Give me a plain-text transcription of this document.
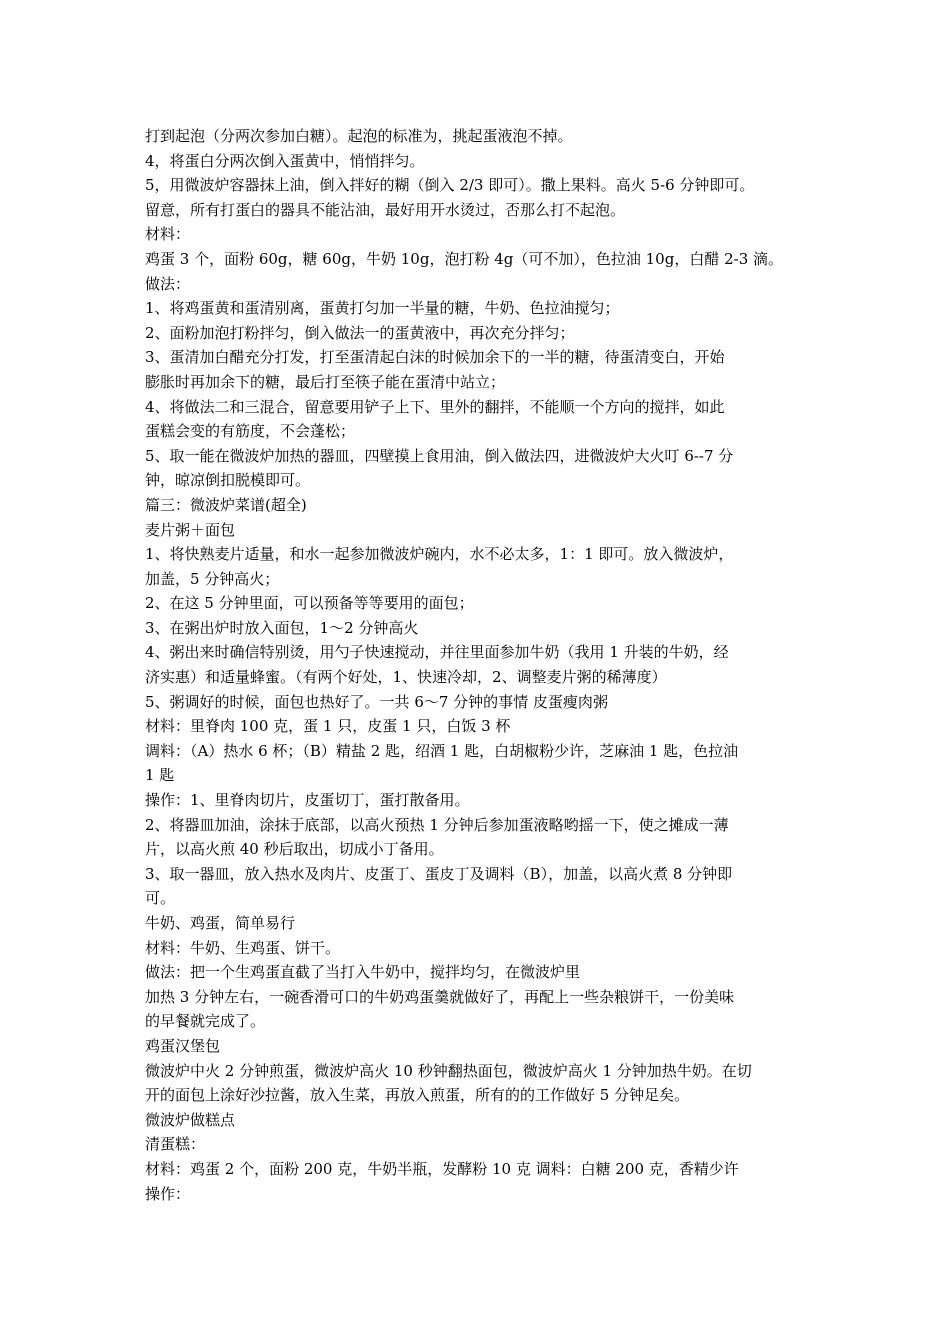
打到起泡（分两次参加白糖）。起泡的标准为，挑起蛋液泡不掉。
4，将蛋白分两次倒入蛋黄中，悄悄拌匀。
5，用微波炉容器抹上油，倒入拌好的糊（倒入 2/3 即可）。撒上果料。高火 5-6 分钟即可。
留意，所有打蛋白的器具不能沾油，最好用开水烫过，否那么打不起泡。
材料：
鸡蛋 3 个，面粉 60g，糖 60g，牛奶 10g，泡打粉 4g（可不加），色拉油 10g，白醋 2-3 滴。
做法：
1、将鸡蛋黄和蛋清别离，蛋黄打匀加一半量的糖，牛奶、色拉油搅匀；
2、面粉加泡打粉拌匀，倒入做法一的蛋黄液中，再次充分拌匀；
3、蛋清加白醋充分打发，打至蛋清起白沫的时候加余下的一半的糖，待蛋清变白，开始
膨胀时再加余下的糖，最后打至筷子能在蛋清中站立；
4、将做法二和三混合，留意要用铲子上下、里外的翻拌，不能顺一个方向的搅拌，如此
蛋糕会变的有筋度，不会蓬松；
5、取一能在微波炉加热的器皿，四壁摸上食用油，倒入做法四，进微波炉大火叮 6--7 分
钟，晾凉倒扣脱模即可。
篇三：微波炉菜谱(超全)
麦片粥＋面包
1、将快熟麦片适量，和水一起参加微波炉碗内，水不必太多，1：1 即可。放入微波炉，
加盖，5 分钟高火；
2、在这 5 分钟里面，可以预备等等要用的面包；
3、在粥出炉时放入面包，1～2 分钟高火
4、粥出来时确信特别烫，用勺子快速搅动，并往里面参加牛奶（我用 1 升装的牛奶，经
济实惠）和适量蜂蜜。（有两个好处，1、快速冷却，2、调整麦片粥的稀薄度）
5、粥调好的时候，面包也热好了。一共 6～7 分钟的事情 皮蛋瘦肉粥
材料：里脊肉 100 克，蛋 1 只，皮蛋 1 只，白饭 3 杯
调料：（A）热水 6 杯；（B）精盐 2 匙，绍酒 1 匙，白胡椒粉少许，芝麻油 1 匙，色拉油
1 匙
操作：1、里脊肉切片，皮蛋切丁，蛋打散备用。
2、将器皿加油，涂抹于底部，以高火预热 1 分钟后参加蛋液略哟摇一下，使之摊成一薄
片，以高火煎 40 秒后取出，切成小丁备用。
3、取一器皿，放入热水及肉片、皮蛋丁、蛋皮丁及调料（B），加盖，以高火煮 8 分钟即
可。
牛奶、鸡蛋，简单易行
材料：牛奶、生鸡蛋、饼干。
做法：把一个生鸡蛋直截了当打入牛奶中，搅拌均匀，在微波炉里
加热 3 分钟左右，一碗香滑可口的牛奶鸡蛋羹就做好了，再配上一些杂粮饼干，一份美味
的早餐就完成了。
鸡蛋汉堡包
微波炉中火 2 分钟煎蛋，微波炉高火 10 秒钟翻热面包，微波炉高火 1 分钟加热牛奶。在切
开的面包上涂好沙拉酱，放入生菜，再放入煎蛋，所有的的工作做好 5 分钟足矣。
微波炉做糕点
清蛋糕：
材料：鸡蛋 2 个，面粉 200 克，牛奶半瓶，发酵粉 10 克 调料：白糖 200 克，香精少许
操作：
